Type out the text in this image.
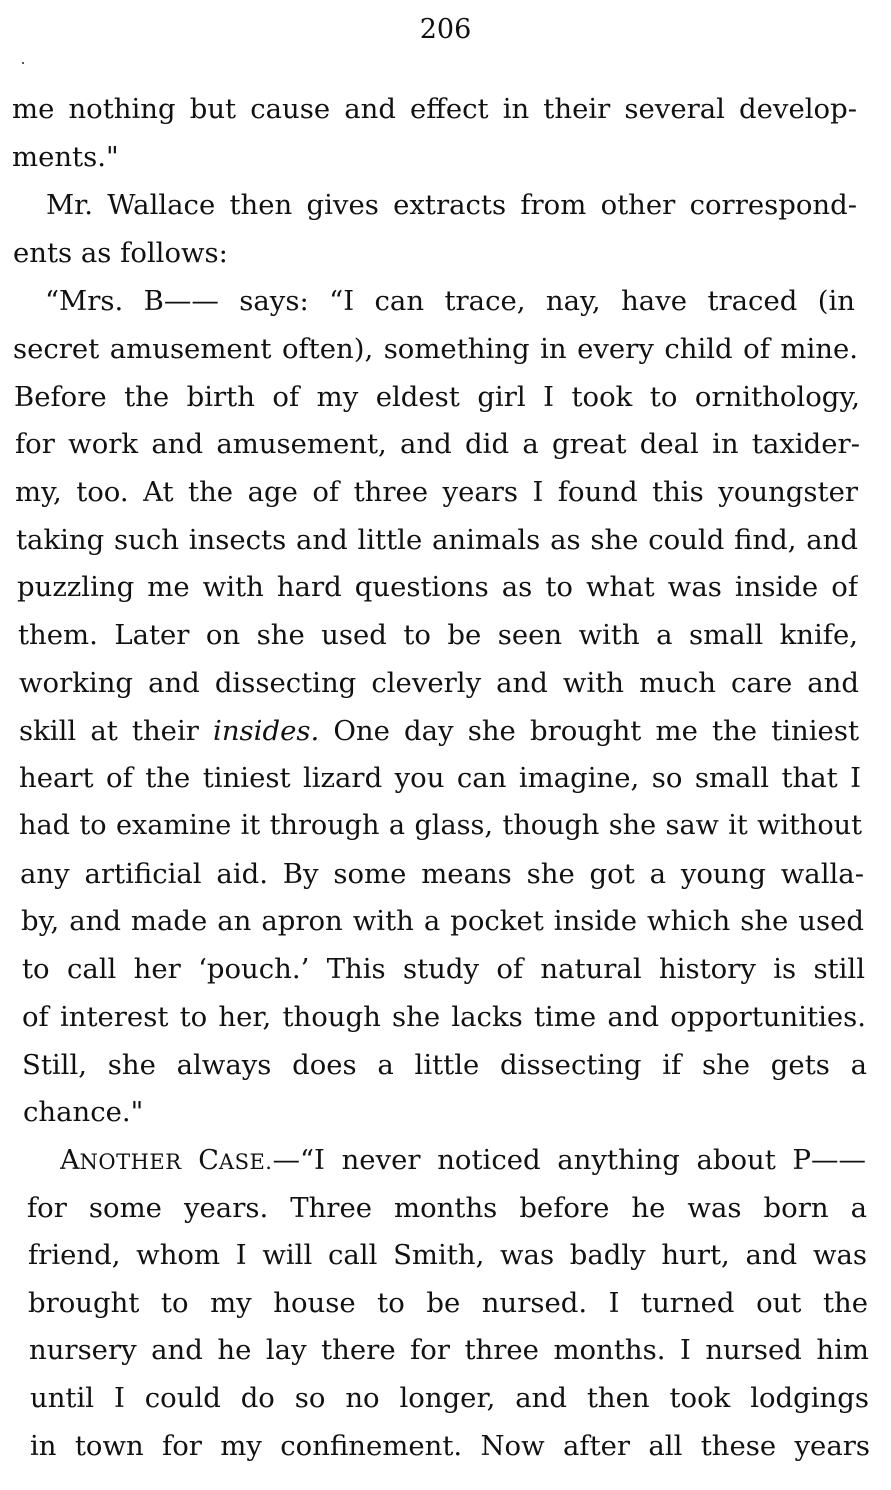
206
me nothing but cause and effect in their several develop-
ments."
Mr. Wallace then gives extracts from other correspond-
ents as follows:
“Mrs. B—— says: “I can trace, nay, have traced (in
secret amusement often), something in every child of mine.
Before the birth of my eldest girl I took to ornithology,
for work and amusement, and did a great deal in taxider-
my, too. At the age of three years I found this youngster
taking such insects and little animals as she could find, and
puzzling me with hard questions as to what was inside of
them. Later on she used to be seen with a small knife,
working and dissecting cleverly and with much care and
skill at their insides. One day she brought me the tiniest
heart of the tiniest lizard you can imagine, so small that I
had to examine it through a glass, though she saw it without
any artificial aid. By some means she got a young walla-
by, and made an apron with a pocket inside which she used
to call her ‘pouch.’ This study of natural history is still
of interest to her, though she lacks time and opportunities.
Still, she always does a little dissecting if she gets a
chance."
ANOTHER CASE.—“I never noticed anything about P——
for some years. Three months before he was born a
friend, whom I will call Smith, was badly hurt, and was
brought to my house to be nursed. I turned out the
nursery and he lay there for three months. I nursed him
until I could do so no longer, and then took lodgings
in town for my confinement. Now after all these years
